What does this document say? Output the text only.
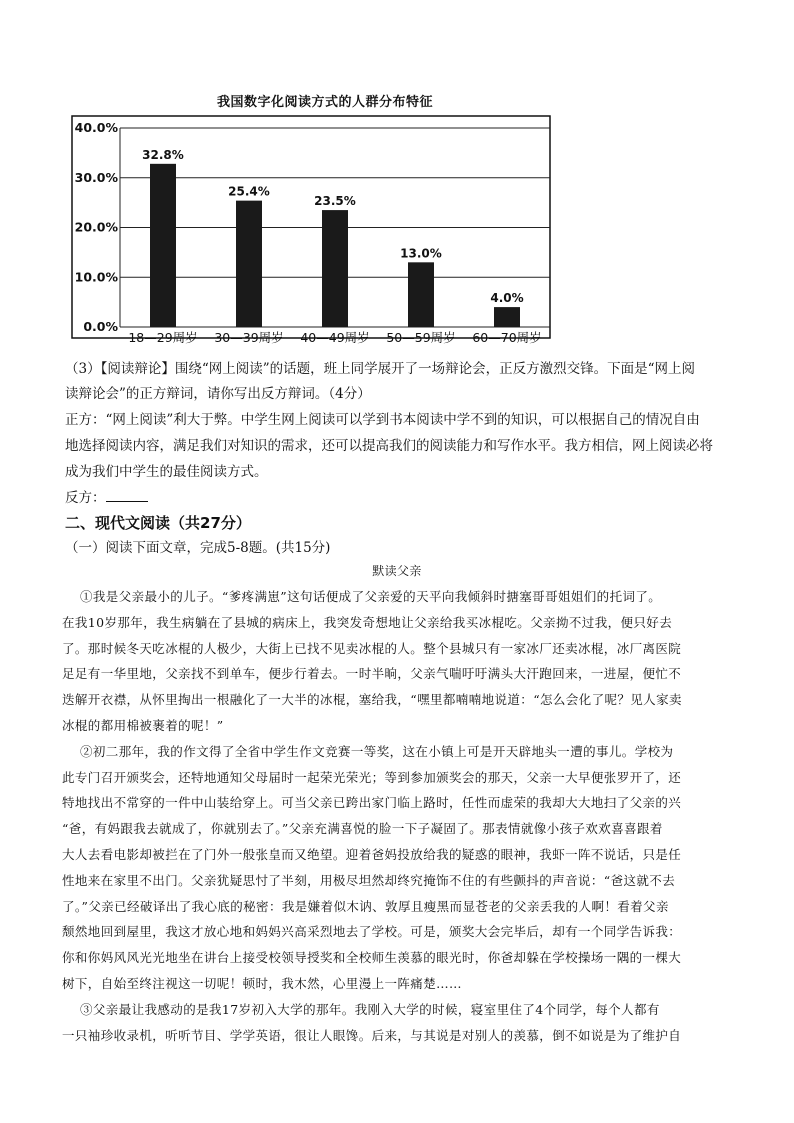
我国数字化阅读方式的人群分布特征
0.0%
10.0%
20.0%
30.0%
40.0%
32.8%
18—29周岁
25.4%
30—39周岁
23.5%
40—49周岁
13.0%
50—59周岁
4.0%
60—70周岁
（3）【阅读辩论】围绕“网上阅读”的话题，班上同学展开了一场辩论会，正反方激烈交锋。下面是“网上阅
读辩论会”的正方辩词，请你写出反方辩词。（4分）
正方：“网上阅读”利大于弊。中学生网上阅读可以学到书本阅读中学不到的知识，可以根据自己的情况自由
地选择阅读内容，满足我们对知识的需求，还可以提高我们的阅读能力和写作水平。我方相信，网上阅读必将
成为我们中学生的最佳阅读方式。
反方：
二、现代文阅读（共27分）
（一）阅读下面文章，完成5-8题。(共15分)
默读父亲
①我是父亲最小的儿子。“爹疼满崽”这句话便成了父亲爱的天平向我倾斜时搪塞哥哥姐姐们的托词了。
在我10岁那年，我生病躺在了县城的病床上，我突发奇想地让父亲给我买冰棍吃。父亲拗不过我，便只好去
了。那时候冬天吃冰棍的人极少，大街上已找不见卖冰棍的人。整个县城只有一家冰厂还卖冰棍，冰厂离医院
足足有一华里地，父亲找不到单车，便步行着去。一时半晌，父亲气喘吁吁满头大汗跑回来，一进屋，便忙不
迭解开衣襟，从怀里掏出一根融化了一大半的冰棍，塞给我，“嘿里都喃喃地说道：“怎么会化了呢？见人家卖
冰棍的都用棉被裹着的呢！”
②初二那年，我的作文得了全省中学生作文竞赛一等奖，这在小镇上可是开天辟地头一遭的事儿。学校为
此专门召开颁奖会，还特地通知父母届时一起荣光荣光；等到参加颁奖会的那天，父亲一大早便张罗开了，还
特地找出不常穿的一件中山装给穿上。可当父亲已跨出家门临上路时，任性而虚荣的我却大大地扫了父亲的兴
“爸，有妈跟我去就成了，你就别去了。”父亲充满喜悦的脸一下子凝固了。那表情就像小孩子欢欢喜喜跟着
大人去看电影却被拦在了门外一般张皇而又绝望。迎着爸妈投放给我的疑惑的眼神，我虾一阵不说话，只是任
性地来在家里不出门。父亲犹疑思忖了半刻，用极尽坦然却终究掩饰不住的有些颤抖的声音说：“爸这就不去
了。”父亲已经破译出了我心底的秘密：我是嫌着似木讷、敦厚且瘦黑而显苍老的父亲丢我的人啊！看着父亲
颓然地回到屋里，我这才放心地和妈妈兴高采烈地去了学校。可是，颁奖大会完毕后，却有一个同学告诉我：
你和你妈风风光光地坐在讲台上接受校领导授奖和全校师生羡慕的眼光时，你爸却躲在学校操场一隅的一棵大
树下，自始至终注视这一切呢！顿时，我木然，心里漫上一阵痛楚……
③父亲最让我感动的是我17岁初入大学的那年。我刚入大学的时候，寝室里住了4个同学，每个人都有
一只袖珍收录机，听听节目、学学英语，很让人眼馋。后来，与其说是对别人的羡慕，倒不如说是为了维护自
